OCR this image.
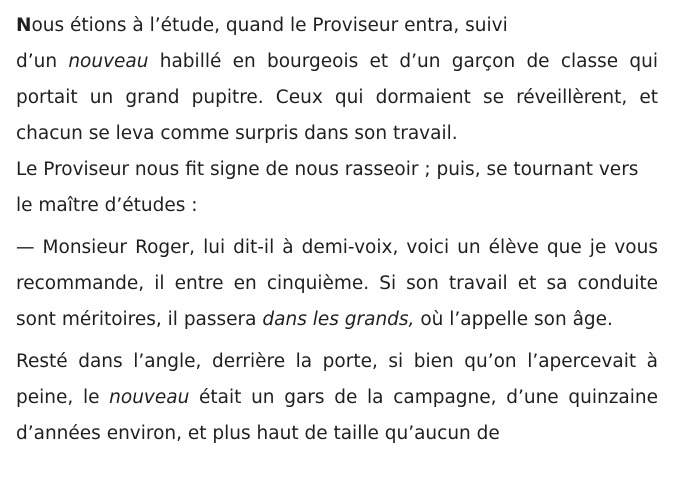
Nous étions à l’étude, quand le Proviseur entra, suivi

d’un nouveau habillé en bourgeois et d’un garçon de classe qui portait un grand pupitre. Ceux qui dormaient se réveillèrent, et chacun se leva comme surpris dans son travail.

Le Proviseur nous fit signe de nous rasseoir ; puis, se tournant vers le maître d’études :

— Monsieur Roger, lui dit-il à demi-voix, voici un élève que je vous recommande, il entre en cinquième. Si son travail et sa conduite sont méritoires, il passera dans les grands, où l’appelle son âge.

Resté dans l’angle, derrière la porte, si bien qu’on l’apercevait à peine, le nouveau était un gars de la campagne, d’une quinzaine d’années environ, et plus haut de taille qu’aucun de
